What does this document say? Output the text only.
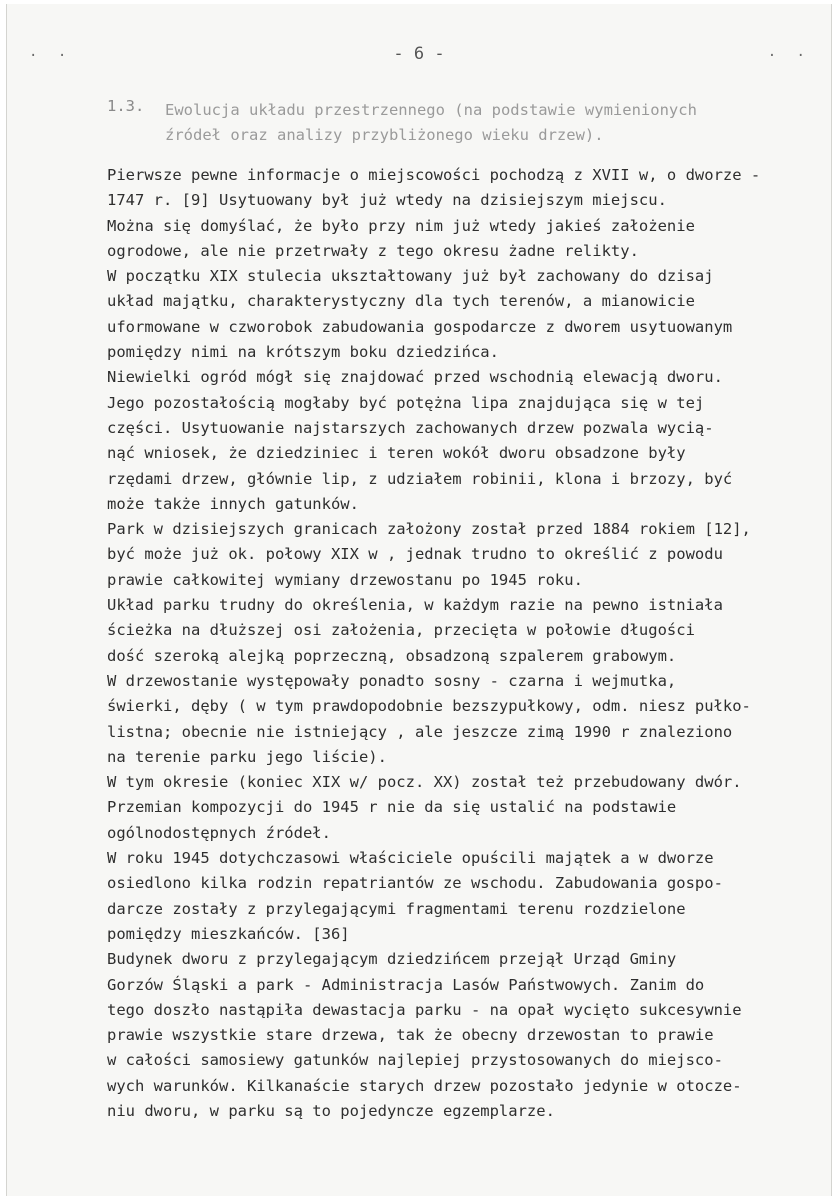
. .	. .
- 6 -
1.3. Ewolucja układu przestrzennego (na podstawie wymienionych
źródeł oraz analizy przybliżonego wieku drzew).
Pierwsze pewne informacje o miejscowości pochodzą z XVII w, o dworze -
1747 r. [9] Usytuowany był już wtedy na dzisiejszym miejscu.
Można się domyślać, że było przy nim już wtedy jakieś założenie
ogrodowe, ale nie przetrwały z tego okresu żadne relikty.
W początku XIX stulecia ukształtowany już był zachowany do dzisaj
układ majątku, charakterystyczny dla tych terenów, a mianowicie
uformowane w czworobok zabudowania gospodarcze z dworem usytuowanym
pomiędzy nimi na krótszym boku dziedzińca.
Niewielki ogród mógł się znajdować przed wschodnią elewacją dworu.
Jego pozostałością mogłaby być potężna lipa znajdująca się w tej
części. Usytuowanie najstarszych zachowanych drzew pozwala wycią-
nąć wniosek, że dziedziniec i teren wokół dworu obsadzone były
rzędami drzew, głównie lip, z udziałem robinii, klona i brzozy, być
może także innych gatunków.
Park w dzisiejszych granicach założony został przed 1884 rokiem [12],
być może już ok. połowy XIX w , jednak trudno to określić z powodu
prawie całkowitej wymiany drzewostanu po 1945 roku.
Układ parku trudny do określenia, w każdym razie na pewno istniała
ścieżka na dłuższej osi założenia, przecięta w połowie długości
dość szeroką alejką poprzeczną, obsadzoną szpalerem grabowym.
W drzewostanie występowały ponadto sosny - czarna i wejmutka,
świerki, dęby ( w tym prawdopodobnie bezszypułkowy, odm. niesz pułko-
listna; obecnie nie istniejący , ale jeszcze zimą 1990 r znaleziono
na terenie parku jego liście).
W tym okresie (koniec XIX w/ pocz. XX) został też przebudowany dwór.
Przemian kompozycji do 1945 r nie da się ustalić na podstawie
ogólnodostępnych źródeł.
W roku 1945 dotychczasowi właściciele opuścili majątek a w dworze
osiedlono kilka rodzin repatriantów ze wschodu. Zabudowania gospo-
darcze zostały z przylegającymi fragmentami terenu rozdzielone
pomiędzy mieszkańców. [36]
Budynek dworu z przylegającym dziedzińcem przejął Urząd Gminy
Gorzów Śląski a park - Administracja Lasów Państwowych. Zanim do
tego doszło nastąpiła dewastacja parku - na opał wycięto sukcesywnie
prawie wszystkie stare drzewa, tak że obecny drzewostan to prawie
w całości samosiewy gatunków najlepiej przystosowanych do miejsco-
wych warunków. Kilkanaście starych drzew pozostało jedynie w otocze-
niu dworu, w parku są to pojedyncze egzemplarze.
